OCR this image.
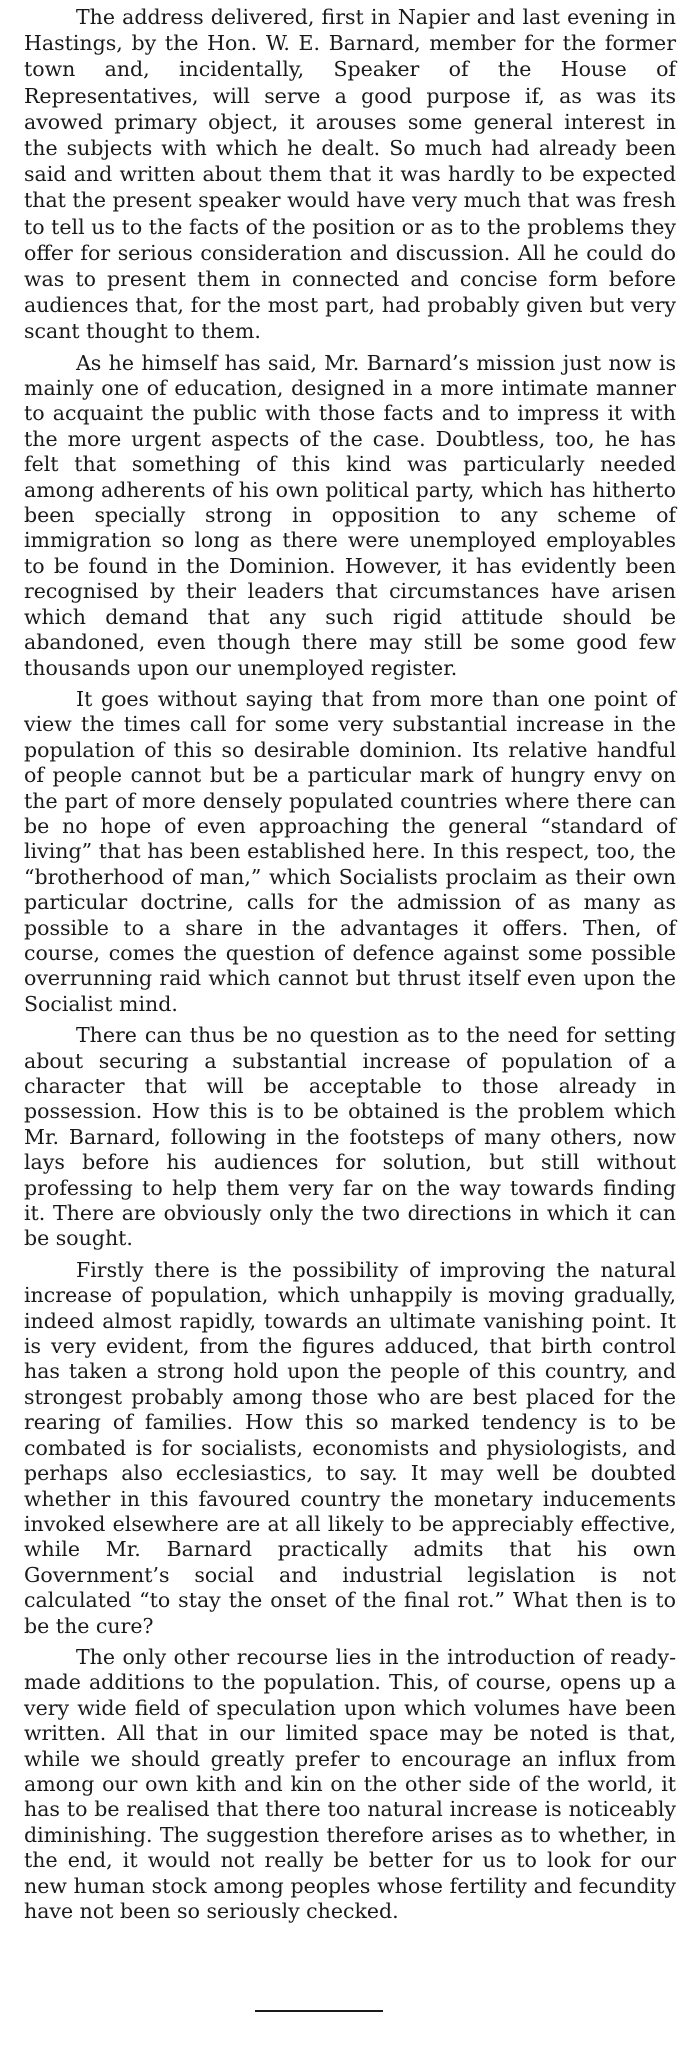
The address delivered, first in Napier and last evening in Hastings, by the Hon. W. E. Barnard, member for the former town and, incidentally, Speaker of the House of Representatives, will serve a good purpose if, as was its avowed primary object, it arouses some general interest in the subjects with which he dealt. So much had already been said and written about them that it was hardly to be expected that the present speaker would have very much that was fresh to tell us to the facts of the position or as to the problems they offer for serious consideration and discussion. All he could do was to present them in connected and concise form before audiences that, for the most part, had probably given but very scant thought to them.

As he himself has said, Mr. Barnard’s mission just now is mainly one of education, designed in a more intimate manner to acquaint the public with those facts and to impress it with the more urgent aspects of the case. Doubtless, too, he has felt that something of this kind was particularly needed among adherents of his own political party, which has hitherto been specially strong in opposition to any scheme of immigration so long as there were unemployed employables to be found in the Dominion. However, it has evidently been recognised by their leaders that circumstances have arisen which demand that any such rigid attitude should be abandoned, even though there may still be some good few thousands upon our unemployed register.

It goes without saying that from more than one point of view the times call for some very substantial increase in the population of this so desirable dominion. Its relative handful of people cannot but be a particular mark of hungry envy on the part of more densely populated countries where there can be no hope of even approaching the general “standard of living” that has been established here. In this respect, too, the “brotherhood of man,” which Socialists proclaim as their own particular doctrine, calls for the admission of as many as possible to a share in the advantages it offers. Then, of course, comes the question of defence against some possible overrunning raid which cannot but thrust itself even upon the Socialist mind.

There can thus be no question as to the need for setting about securing a substantial increase of population of a character that will be acceptable to those already in possession. How this is to be obtained is the problem which Mr. Barnard, following in the footsteps of many others, now lays before his audiences for solution, but still without professing to help them very far on the way towards finding it. There are obviously only the two directions in which it can be sought.

Firstly there is the possibility of improving the natural increase of population, which unhappily is moving gradually, indeed almost rapidly, towards an ultimate vanishing point. It is very evident, from the figures adduced, that birth control has taken a strong hold upon the people of this country, and strongest probably among those who are best placed for the rearing of families. How this so marked tendency is to be combated is for socialists, economists and physiologists, and perhaps also ecclesiastics, to say. It may well be doubted whether in this favoured country the monetary inducements invoked elsewhere are at all likely to be appreciably effective, while Mr. Barnard practically admits that his own Government’s social and industrial legislation is not calculated “to stay the onset of the final rot.” What then is to be the cure?

The only other recourse lies in the introduction of ready-made additions to the population. This, of course, opens up a very wide field of speculation upon which volumes have been written. All that in our limited space may be noted is that, while we should greatly prefer to encourage an influx from among our own kith and kin on the other side of the world, it has to be realised that there too natural increase is noticeably diminishing. The suggestion therefore arises as to whether, in the end, it would not really be better for us to look for our new human stock among peoples whose fertility and fecundity have not been so seriously checked.
